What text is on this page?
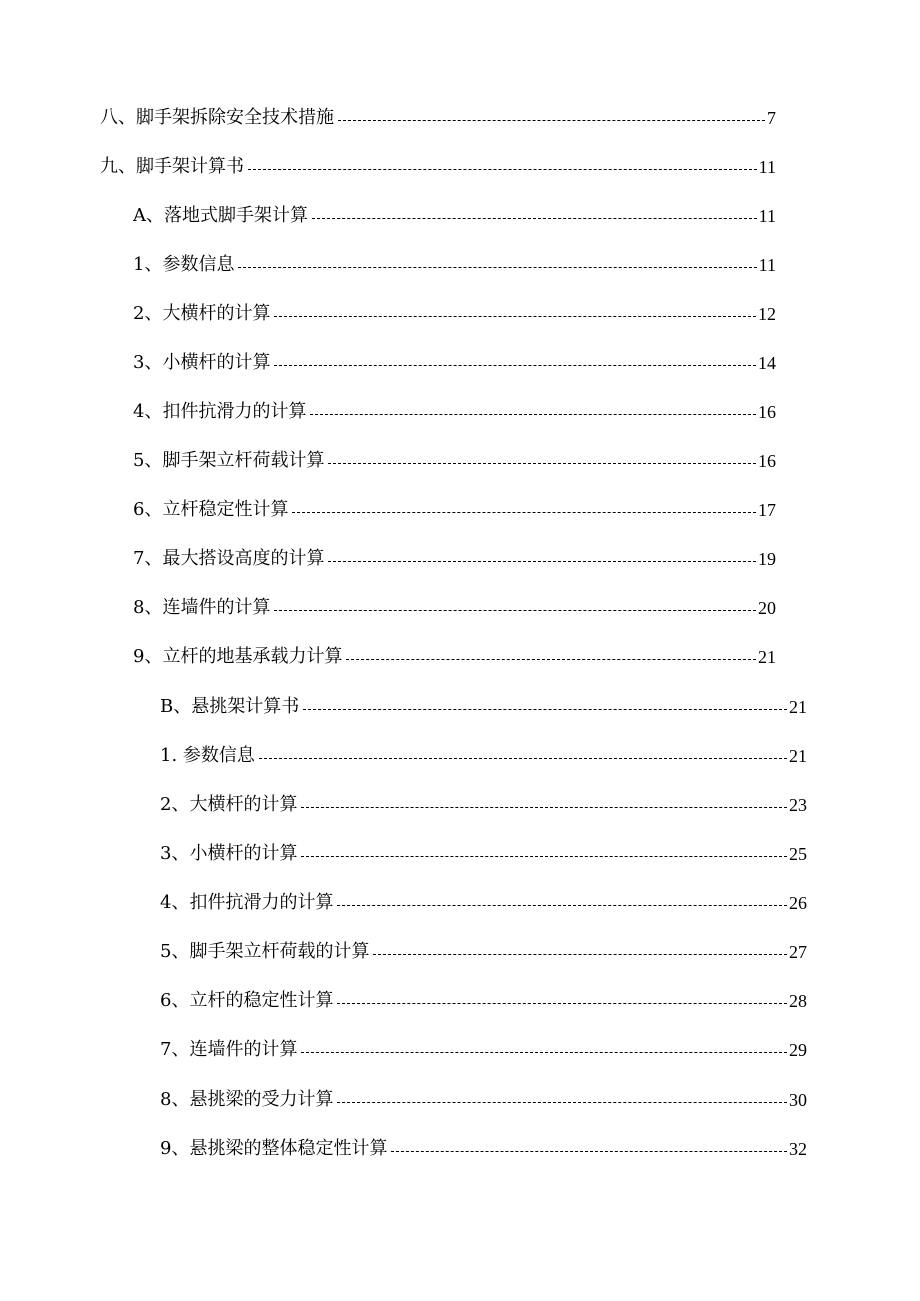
八、脚手架拆除安全技术措施	7
九、脚手架计算书	11
A、落地式脚手架计算	11
1、参数信息	11
2、大横杆的计算	12
3、小横杆的计算	14
4、扣件抗滑力的计算	16
5、脚手架立杆荷载计算	16
6、立杆稳定性计算	17
7、最大搭设高度的计算	19
8、连墙件的计算	20
9、立杆的地基承载力计算	21
B、悬挑架计算书	21
1. 参数信息	21
2、大横杆的计算	23
3、小横杆的计算	25
4、扣件抗滑力的计算	26
5、脚手架立杆荷载的计算	27
6、立杆的稳定性计算	28
7、连墙件的计算	29
8、悬挑梁的受力计算	30
9、悬挑梁的整体稳定性计算	32
